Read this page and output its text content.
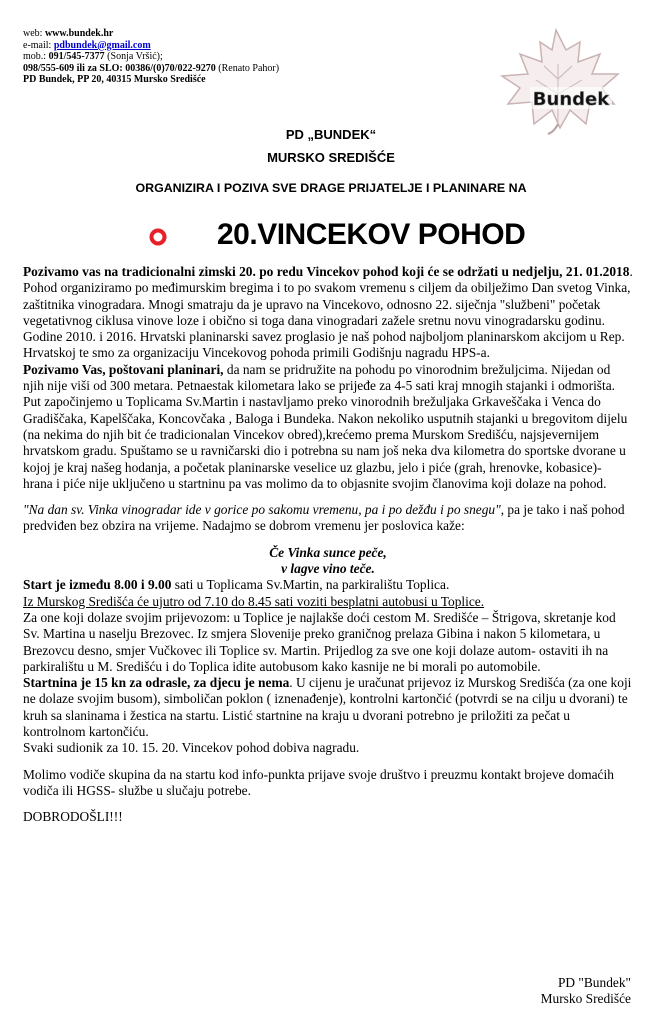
web: www.bundek.hr
e-mail: pdbundek@gmail.com
mob.: 091/545-7377 (Sonja Vršić);
098/555-609 ili za SLO: 00386/(0)70/022-9270 (Renato Pahor)
PD Bundek, PP 20, 40315 Mursko Središće
Bundek
PD „BUNDEK“
MURSKO SREDIŠĆE
ORGANIZIRA I POZIVA SVE DRAGE PRIJATELJE I PLANINARE NA
20.VINCEKOV POHOD

Pozivamo vas na tradicionalni zimski 20. po redu Vincekov pohod koji će se održati u nedjelju, 21. 01.2018. Pohod organiziramo po međimurskim bregima i to po svakom vremenu s ciljem da obilježimo Dan svetog Vinka, zaštitnika vinogradara. Mnogi smatraju da je upravo na Vincekovo, odnosno 22. siječnja "službeni" početak vegetativnog ciklusa vinove loze i obično si toga dana vinogradari zažele sretnu novu vinogradarsku godinu.

Godine 2010. i 2016. Hrvatski planinarski savez proglasio je naš pohod najboljom planinarskom akcijom u Rep. Hrvatskoj te smo za organizaciju Vincekovog pohoda primili Godišnju nagradu HPS-a.

Pozivamo Vas, poštovani planinari, da nam se pridružite na pohodu po vinorodnim brežuljcima. Nijedan od njih nije viši od 300 metara. Petnaestak kilometara lako se prijeđe za 4-5 sati kraj mnogih stajanki i odmorišta.

Put započinjemo u Toplicama Sv.Martin i nastavljamo preko vinorodnih brežuljaka Grkaveščaka i Venca do Gradiščaka, Kapelščaka, Koncovčaka , Baloga i Bundeka. Nakon nekoliko usputnih stajanki u bregovitom dijelu (na nekima do njih bit će tradicionalan Vincekov obred),krećemo prema Murskom Središću, najsjevernijem hrvatskom gradu. Spuštamo se u ravničarski dio i potrebna su nam još neka dva kilometra do sportske dvorane u kojoj je kraj našeg hodanja, a početak planinarske veselice uz glazbu, jelo i piće (grah, hrenovke, kobasice)- hrana i piće nije uključeno u startninu pa vas molimo da to objasnite svojim članovima koji dolaze na pohod.

"Na dan sv. Vinka vinogradar ide v gorice po sakomu vremenu, pa i po dežđu i po snegu", pa je tako i naš pohod predviđen bez obzira na vrijeme. Nadajmo se dobrom vremenu jer poslovica kaže:

Če Vinka sunce peče,

v lagve vino teče.

Start je između 8.00 i 9.00 sati u Toplicama Sv.Martin, na parkiralištu Toplica.

Iz Murskog Središća će ujutro od 7.10 do 8.45 sati voziti besplatni autobusi u Toplice.

Za one koji dolaze svojim prijevozom: u Toplice je najlakše doći cestom M. Središće – Štrigova, skretanje kod Sv. Martina u naselju Brezovec. Iz smjera Slovenije preko graničnog prelaza Gibina i nakon 5 kilometara, u Brezovcu desno, smjer Vučkovec ili Toplice sv. Martin. Prijedlog za sve one koji dolaze autom- ostaviti ih na parkiralištu u M. Središću i do Toplica idite autobusom kako kasnije ne bi morali po automobile.

Startnina je 15 kn za odrasle, za djecu je nema. U cijenu je uračunat prijevoz iz Murskog Središća (za one koji ne dolaze svojim busom), simboličan poklon ( iznenađenje), kontrolni kartončić (potvrdi se na cilju u dvorani) te kruh sa slaninama i žestica na startu. Listić startnine na kraju u dvorani potrebno je priložiti za pečat u kontrolnom kartončiću.

Svaki sudionik za 10. 15. 20. Vincekov pohod dobiva nagradu.

Molimo vodiče skupina da na startu kod info-punkta prijave svoje društvo i preuzmu kontakt brojeve domaćih vodiča ili HGSS- službe u slučaju potrebe.

DOBRODOŠLI!!!

PD "Bundek"
Mursko Središće
